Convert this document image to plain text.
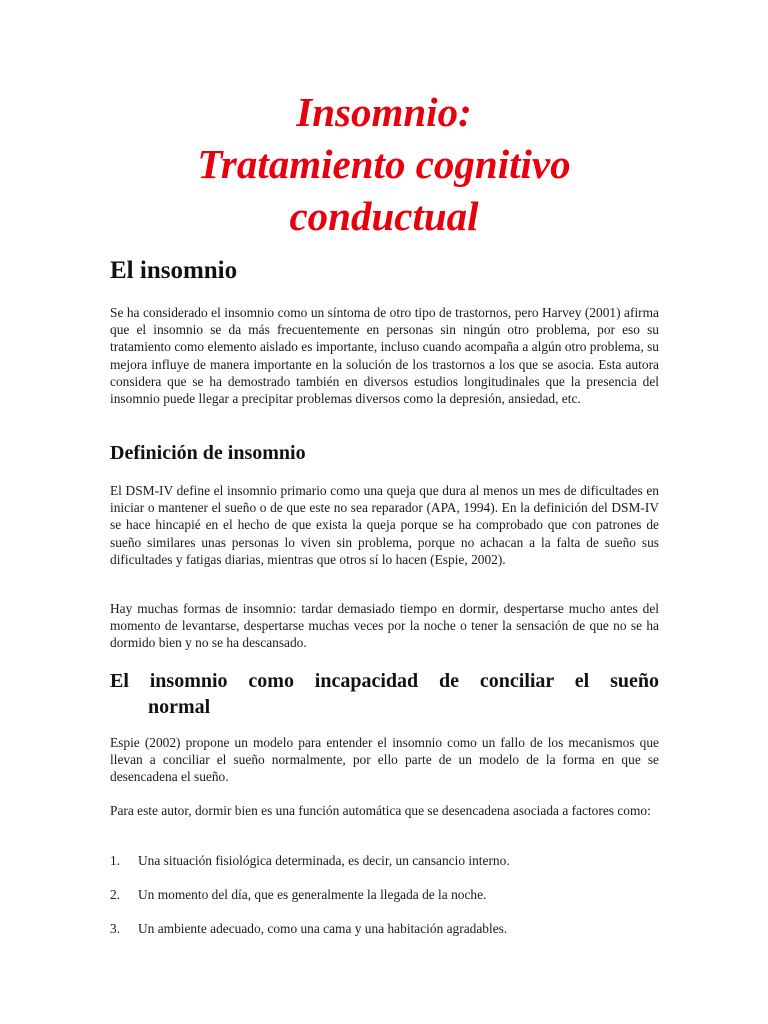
Insomnio:
Tratamiento cognitivo
conductual
El insomnio

Se ha considerado el insomnio como un síntoma de otro tipo de trastornos, pero Harvey (2001) afirma que el insomnio se da más frecuentemente en personas sin ningún otro problema, por eso su tratamiento como elemento aislado es importante, incluso cuando acompaña a algún otro problema, su mejora influye de manera importante en la solución de los trastornos a los que se asocia. Esta autora considera que se ha demostrado también en diversos estudios longitudinales que la presencia del insomnio puede llegar a precipitar problemas diversos como la depresión, ansiedad, etc.

Definición de insomnio

El DSM-IV define el insomnio primario como una queja que dura al menos un mes de dificultades en iniciar o mantener el sueño o de que este no sea reparador (APA, 1994). En la definición del DSM-IV se hace hincapié en el hecho de que exista la queja porque se ha comprobado que con patrones de sueño similares unas personas lo viven sin problema, porque no achacan a la falta de sueño sus dificultades y fatigas diarias, mientras que otros sí lo hacen (Espie, 2002).

Hay muchas formas de insomnio: tardar demasiado tiempo en dormir, despertarse mucho antes del momento de levantarse, despertarse muchas veces por la noche o tener la sensación de que no se ha dormido bien y no se ha descansado.

El insomnio como incapacidad de conciliar el sueño
normal

Espie (2002) propone un modelo para entender el insomnio como un fallo de los mecanismos que llevan a conciliar el sueño normalmente, por ello parte de un modelo de la forma en que se desencadena el sueño.

Para este autor, dormir bien es una función automática que se desencadena asociada a factores como:

1. Una situación fisiológica determinada, es decir, un cansancio interno.
2. Un momento del día, que es generalmente la llegada de la noche.
3. Un ambiente adecuado, como una cama y una habitación agradables.
